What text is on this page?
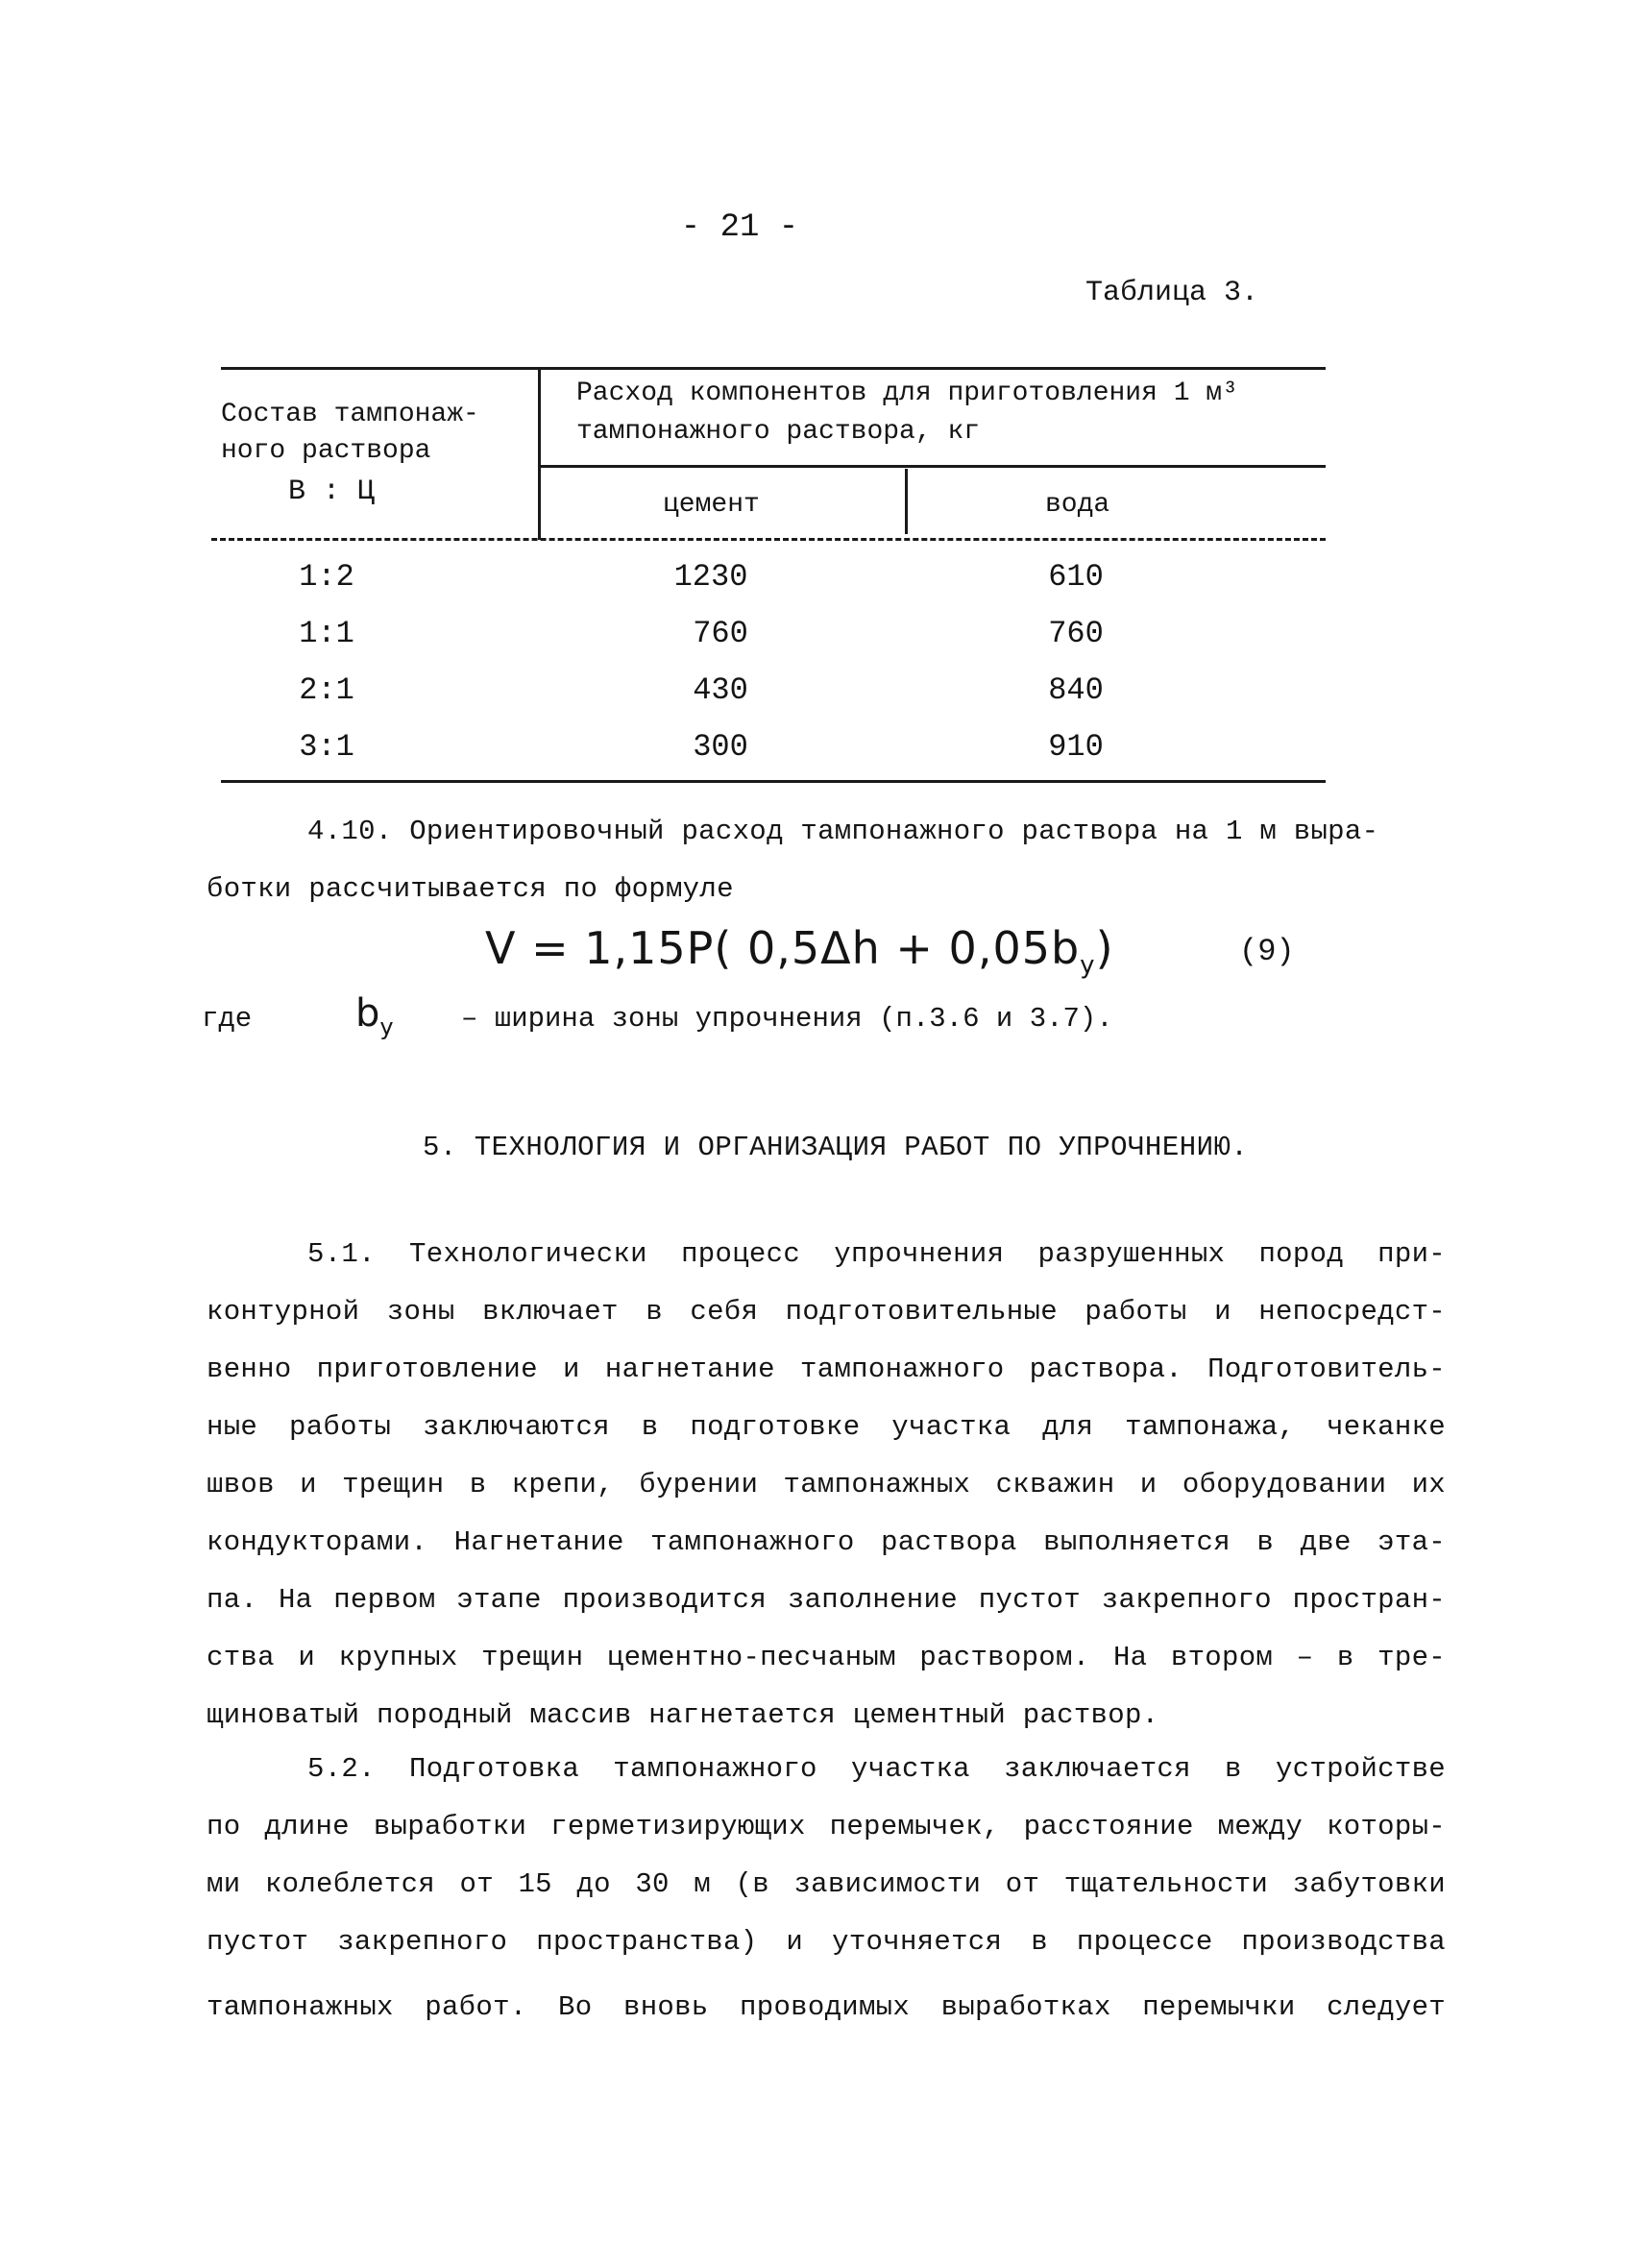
- 21 -
Таблица 3.
Состав тампонаж-
ного раствора
В : Ц
Расход компонентов для приготовления 1 м³
тампонажного раствора, кг
цемент	вода
1:2	1230	610
1:1	760	760
2:1	430	840
3:1	300	910
4.10. Ориентировочный расход тампонажного раствора на 1 м выра-
ботки рассчитывается по формуле
V = 1,15P( $0,5\Delta h + 0,05b_y$)	(9)
где	$b_y$ – ширина зоны упрочнения (п.3.6 и 3.7).
5. ТЕХНОЛОГИЯ И ОРГАНИЗАЦИЯ РАБОТ ПО УПРОЧНЕНИЮ.
5.1. Технологически процесс упрочнения разрушенных пород при-
контурной зоны включает в себя подготовительные работы и непосредст-
венно приготовление и нагнетание тампонажного раствора. Подготовитель-
ные работы заключаются в подготовке участка для тампонажа, чеканке
швов и трещин в крепи, бурении тампонажных скважин и оборудовании их
кондукторами. Нагнетание тампонажного раствора выполняется в две эта-
па. На первом этапе производится заполнение пустот закрепного простран-
ства и крупных трещин цементно-песчаным раствором. На втором – в тре-
щиноватый породный массив нагнетается цементный раствор.
5.2. Подготовка тампонажного участка заключается в устройстве
по длине выработки герметизирующих перемычек, расстояние между которы-
ми колеблется от 15 до 30 м (в зависимости от тщательности забутовки
пустот закрепного пространства) и уточняется в процессе производства
тампонажных работ. Во вновь проводимых выработках перемычки следует
